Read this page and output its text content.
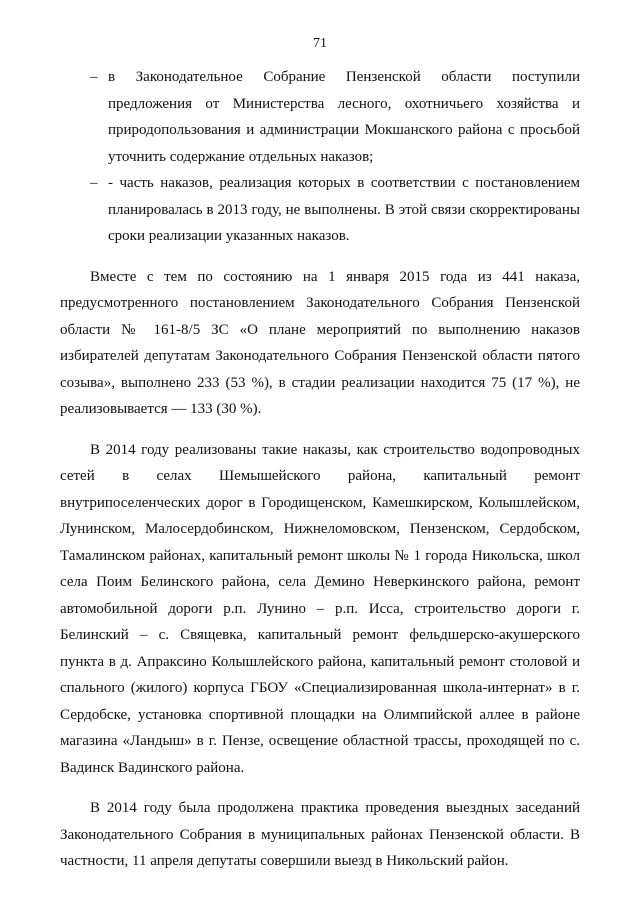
71
– в Законодательное Собрание Пензенской области поступили предложения от Министерства лесного, охотничьего хозяйства и природопользования и администрации Мокшанского района с просьбой уточнить содержание отдельных наказов;
– - часть наказов, реализация которых в соответствии с постановлением планировалась в 2013 году, не выполнены. В этой связи скорректированы сроки реализации указанных наказов.

Вместе с тем по состоянию на 1 января 2015 года из 441 наказа, предусмотренного постановлением Законодательного Собрания Пензенской области № 161-8/5 ЗС «О плане мероприятий по выполнению наказов избирателей депутатам Законодательного Собрания Пензенской области пятого созыва», выполнено 233 (53 %), в стадии реализации находится 75 (17 %), не реализовывается — 133 (30 %).

В 2014 году реализованы такие наказы, как строительство водопроводных сетей в селах Шемышейского района, капитальный ремонт внутрипоселенческих дорог в Городищенском, Камешкирском, Колышлейском, Лунинском, Малосердобинском, Нижнеломовском, Пензенском, Сердобском, Тамалинском районах, капитальный ремонт школы № 1 города Никольска, школ села Поим Белинского района, села Демино Неверкинского района, ремонт автомобильной дороги р.п. Лунино – р.п. Исса, строительство дороги г. Белинский – с. Свящевка, капитальный ремонт фельдшерско-акушерского пункта в д. Апраксино Колышлейского района, капитальный ремонт столовой и спального (жилого) корпуса ГБОУ «Специализированная школа-интернат» в г. Сердобске, установка спортивной площадки на Олимпийской аллее в районе магазина «Ландыш» в г. Пензе, освещение областной трассы, проходящей по с. Вадинск Вадинского района.

В 2014 году была продолжена практика проведения выездных заседаний Законодательного Собрания в муниципальных районах Пензенской области. В частности, 11 апреля депутаты совершили выезд в Никольский район.
